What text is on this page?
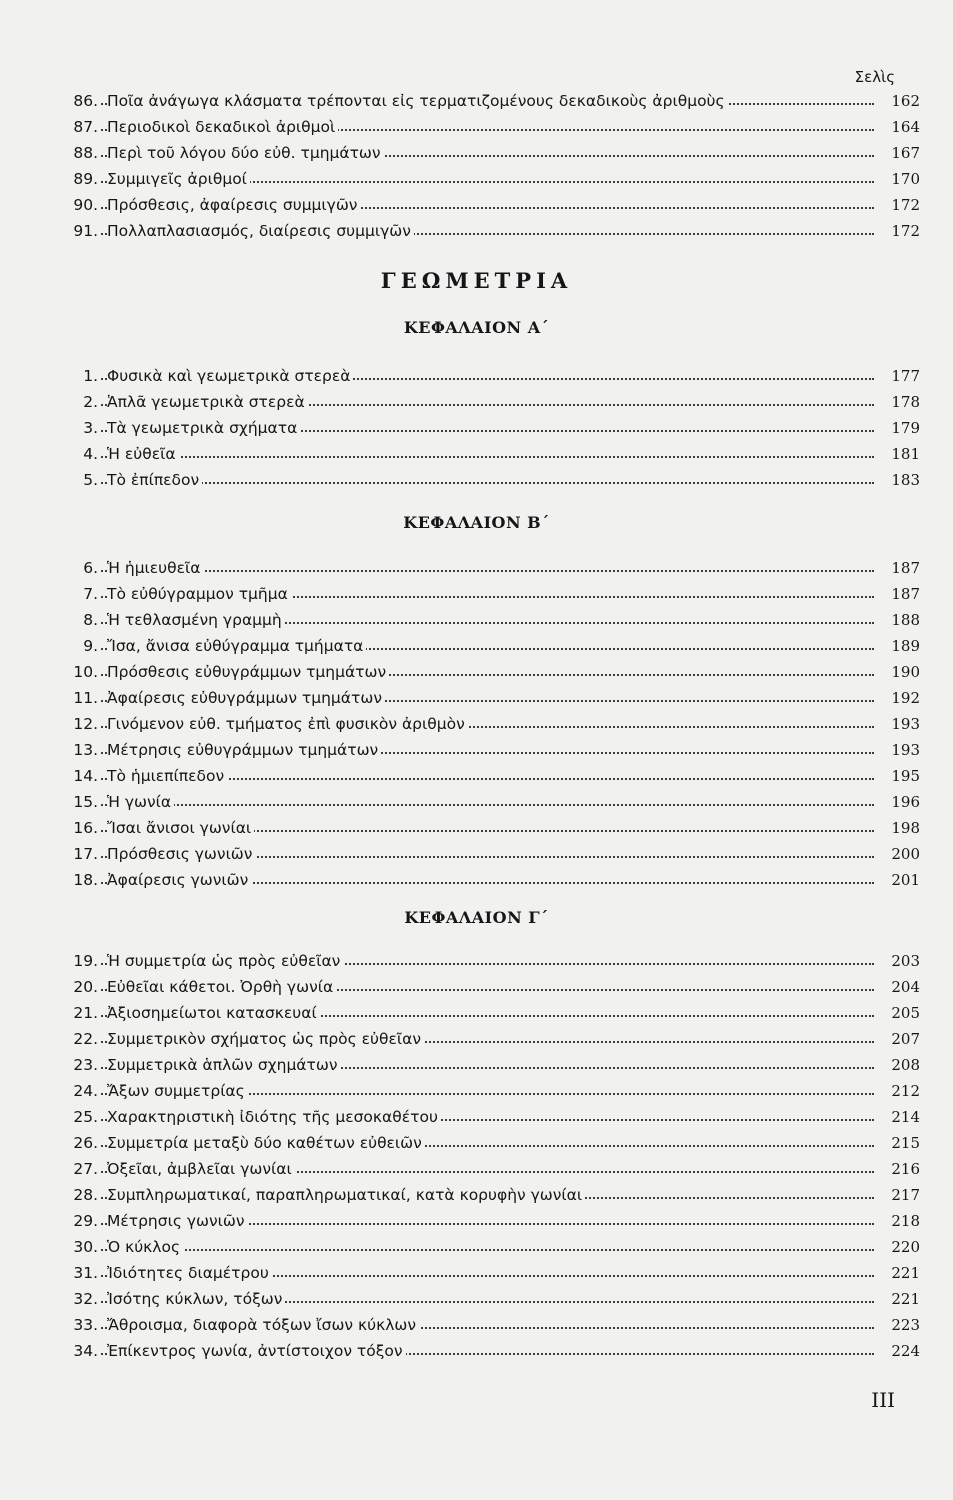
Σελὶς
86. Ποῖα ἀνάγωγα κλάσματα τρέπονται εἰς τερματιζομένους δεκαδικοὺς ἀριθμοὺς	162
87. Περιοδικοὶ δεκαδικοὶ ἀριθμοὶ	164
88. Περὶ τοῦ λόγου δύο εὐθ. τμημάτων	167
89. Συμμιγεῖς ἀριθμοί	170
90. Πρόσθεσις, ἀφαίρεσις συμμιγῶν	172
91. Πολλαπλασιασμός, διαίρεσις συμμιγῶν	172
ΓΕΩΜΕΤΡΙΑ
ΚΕΦΑΛΑΙΟΝ Α΄
1. Φυσικὰ καὶ γεωμετρικὰ στερεὰ	177
2. Ἁπλᾶ γεωμετρικὰ στερεὰ	178
3. Τὰ γεωμετρικὰ σχήματα	179
4. Ἡ εὐθεῖα	181
5. Τὸ ἐπίπεδον	183
ΚΕΦΑΛΑΙΟΝ Β΄
6. Ἡ ἡμιευθεῖα	187
7. Τὸ εὐθύγραμμον τμῆμα	187
8. Ἡ τεθλασμένη γραμμὴ	188
9. Ἴσα, ἄνισα εὐθύγραμμα τμήματα	189
10. Πρόσθεσις εὐθυγράμμων τμημάτων	190
11. Ἀφαίρεσις εὐθυγράμμων τμημάτων	192
12. Γινόμενον εὐθ. τμήματος ἐπὶ φυσικὸν ἀριθμὸν	193
13. Μέτρησις εὐθυγράμμων τμημάτων	193
14. Τὸ ἡμιεπίπεδον	195
15. Ἡ γωνία	196
16. Ἴσαι ἄνισοι γωνίαι	198
17. Πρόσθεσις γωνιῶν	200
18. Ἀφαίρεσις γωνιῶν	201
ΚΕΦΑΛΑΙΟΝ Γ΄
19. Ἡ συμμετρία ὡς πρὸς εὐθεῖαν	203
20. Εὐθεῖαι κάθετοι. Ὀρθὴ γωνία	204
21. Ἀξιοσημείωτοι κατασκευαί	205
22. Συμμετρικὸν σχήματος ὡς πρὸς εὐθεῖαν	207
23. Συμμετρικὰ ἁπλῶν σχημάτων	208
24. Ἄξων συμμετρίας	212
25. Χαρακτηριστικὴ ἰδιότης τῆς μεσοκαθέτου	214
26. Συμμετρία μεταξὺ δύο καθέτων εὐθειῶν	215
27. Ὀξεῖαι, ἀμβλεῖαι γωνίαι	216
28. Συμπληρωματικαί, παραπληρωματικαί, κατὰ κορυφὴν γωνίαι	217
29. Μέτρησις γωνιῶν	218
30. Ὁ κύκλος	220
31. Ἰδιότητες διαμέτρου	221
32. Ἰσότης κύκλων, τόξων	221
33. Ἄθροισμα, διαφορὰ τόξων ἴσων κύκλων	223
34. Ἐπίκεντρος γωνία, ἀντίστοιχον τόξον	224
III
